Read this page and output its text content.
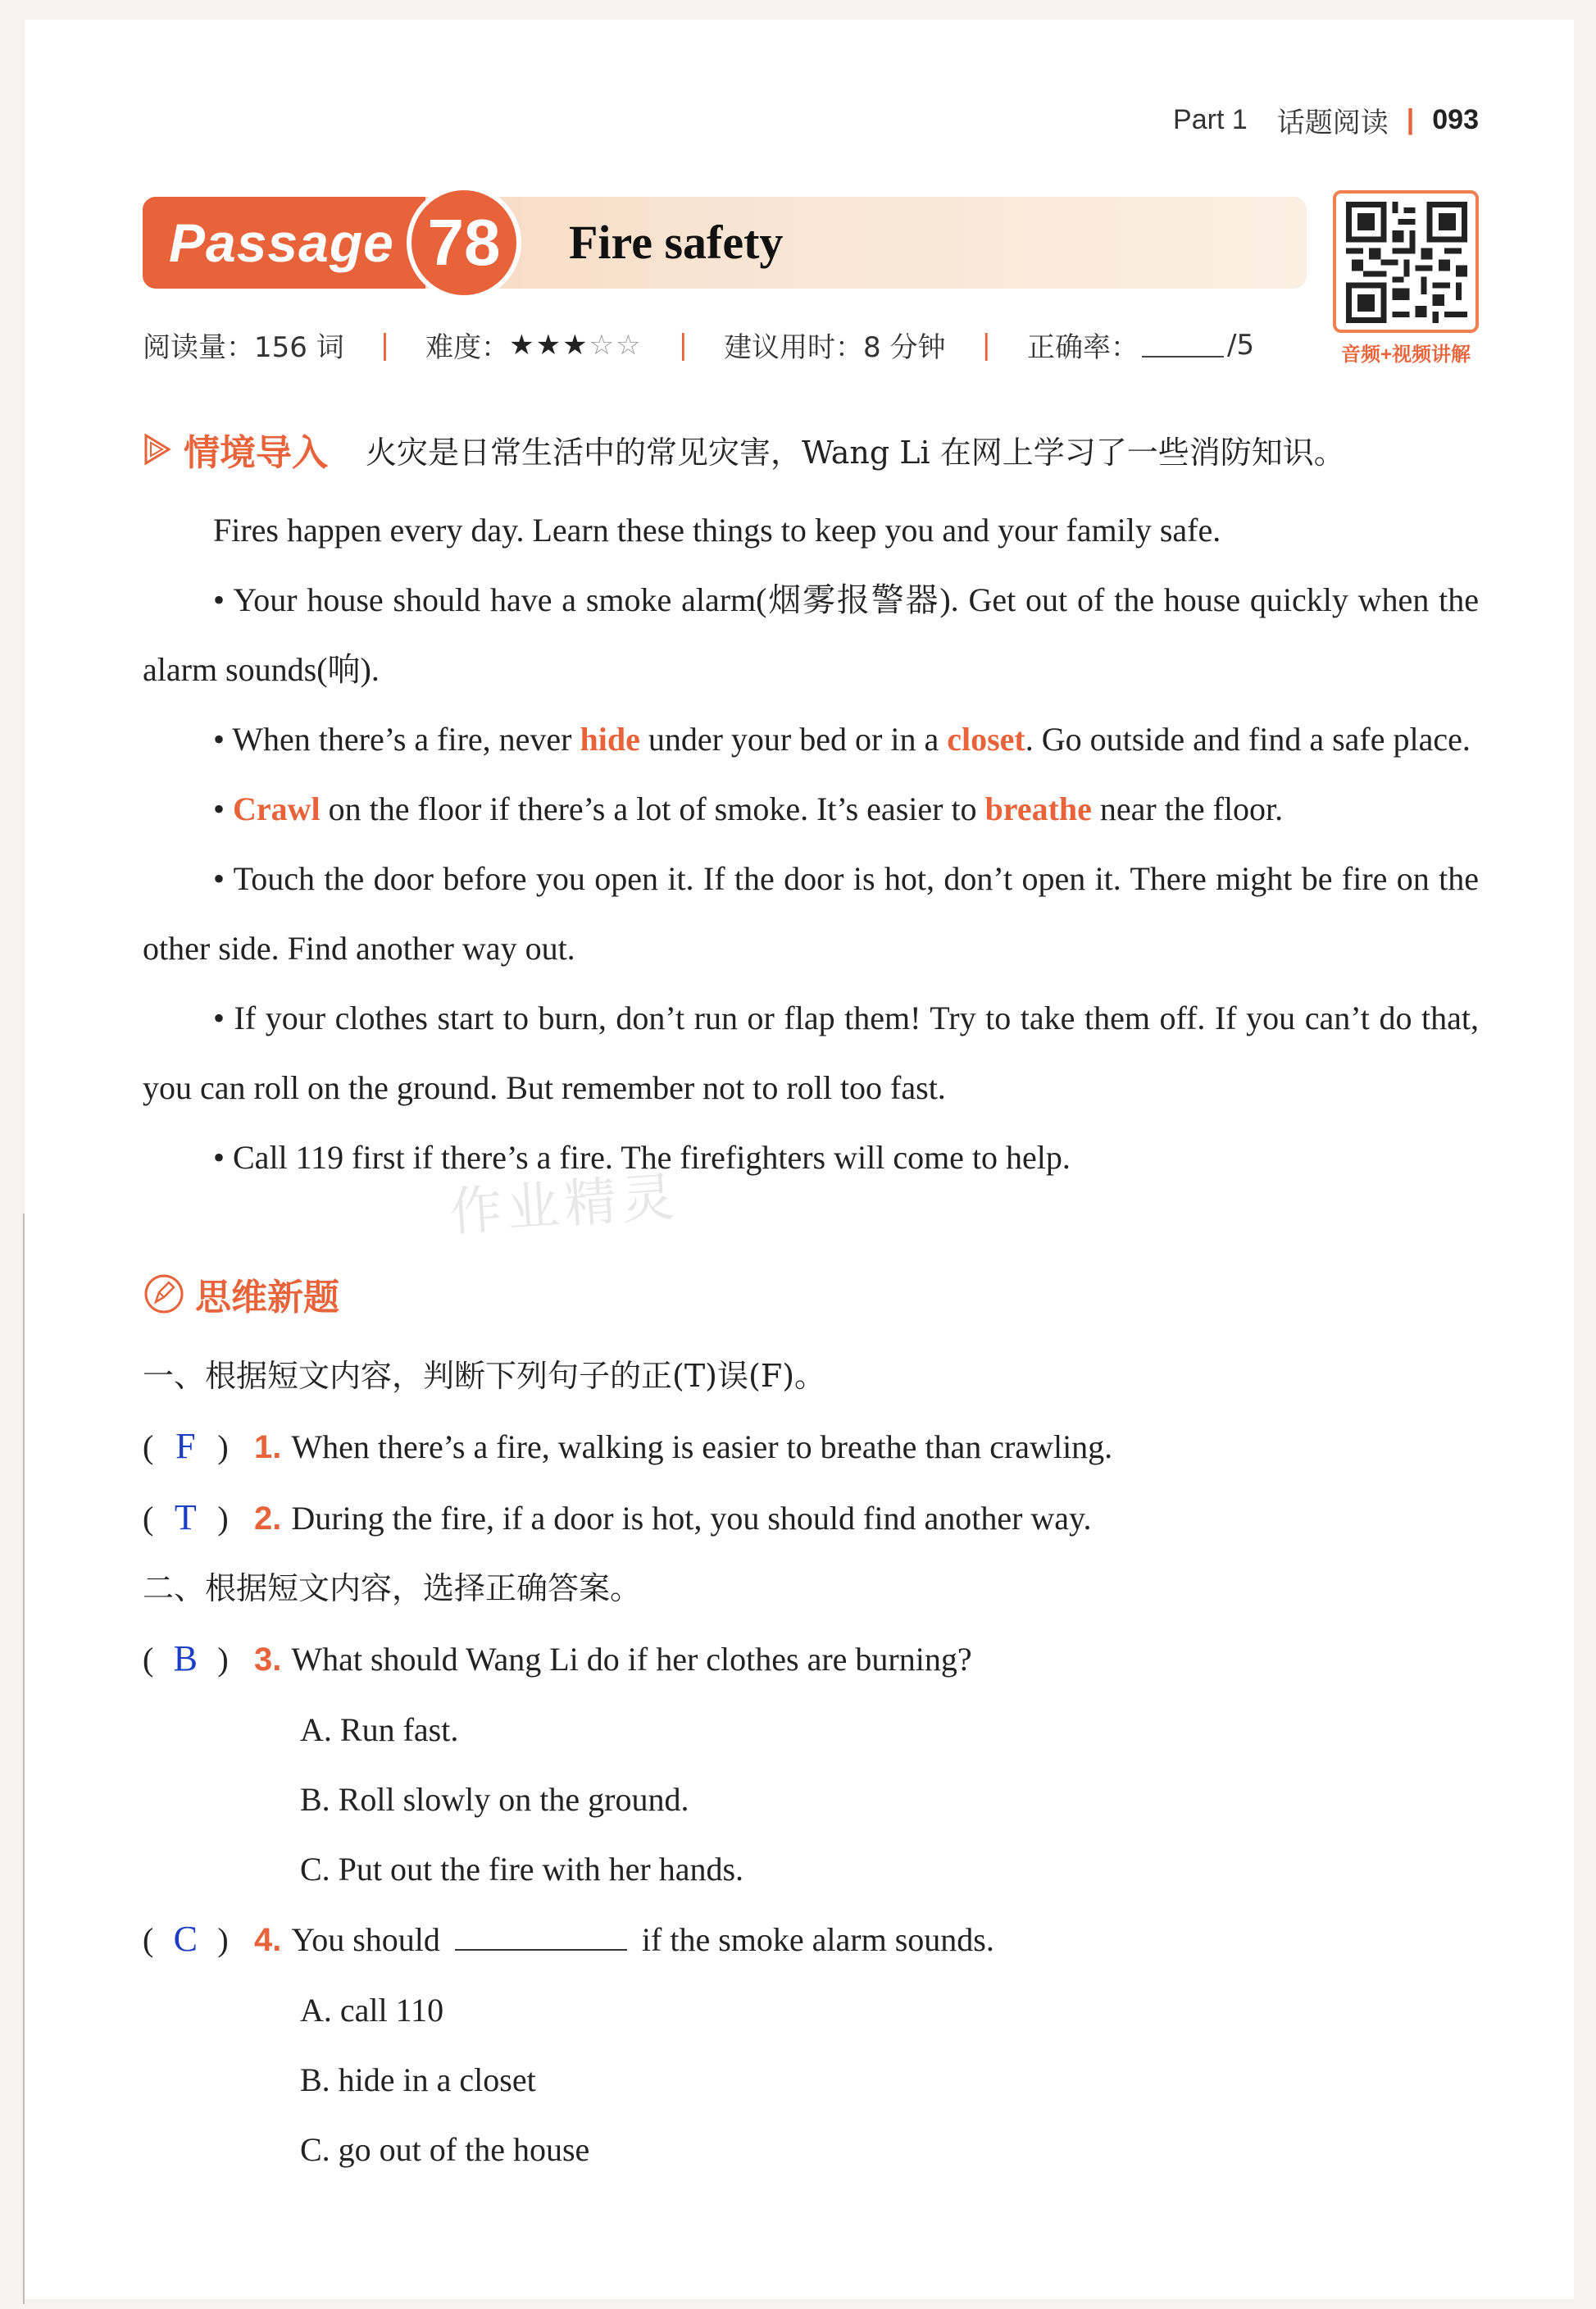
Part 1 话题阅读 | 093
Passage 78	Fire safety
音频+视频讲解
阅读量：156 词 | 难度： ★★★☆☆ | 建议用时：8 分钟 | 正确率：	/5
情境导入 火灾是日常生活中的常见灾害，Wang Li 在网上学习了一些消防知识。

Fires happen every day. Learn these things to keep you and your family safe.

• Your house should have a smoke alarm(烟雾报警器). Get out of the house quickly when the alarm sounds(响).

• When there’s a fire, never hide under your bed or in a closet. Go outside and find a safe place.

• Crawl on the floor if there’s a lot of smoke. It’s easier to breathe near the floor.

• Touch the door before you open it. If the door is hot, don’t open it. There might be fire on the other side. Find another way out.

• If your clothes start to burn, don’t run or flap them! Try to take them off. If you can’t do that, you can roll on the ground. But remember not to roll too fast.

• Call 119 first if there’s a fire. The firefighters will come to help.

作业精灵
思维新题
一、根据短文内容，判断下列句子的正(T)误(F)。
( F ) 1. When there’s a fire, walking is easier to breathe than crawling.
( T ) 2. During the fire, if a door is hot, you should find another way.
二、根据短文内容，选择正确答案。
( B ) 3. What should Wang Li do if her clothes are burning?
A. Run fast.
B. Roll slowly on the ground.
C. Put out the fire with her hands.
( C ) 4. You should	if the smoke alarm sounds.
A. call 110
B. hide in a closet
C. go out of the house
